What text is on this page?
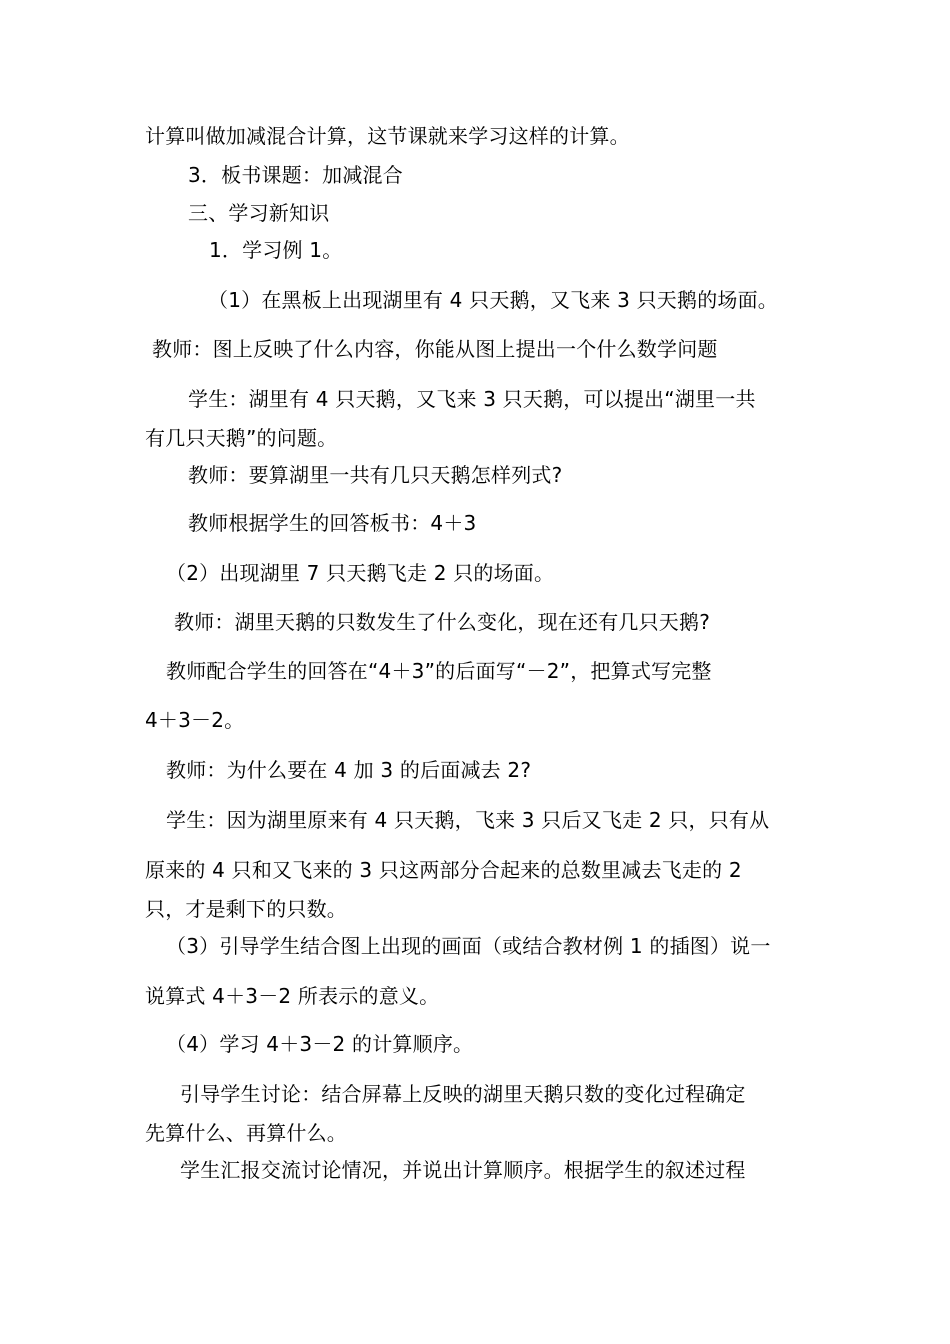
计算叫做加减混合计算，这节课就来学习这样的计算。
3．板书课题：加减混合
三、学习新知识
1．学习例 1。
（1）在黑板上出现湖里有 4 只天鹅，又飞来 3 只天鹅的场面。
教师：图上反映了什么内容，你能从图上提出一个什么数学问题
学生：湖里有 4 只天鹅，又飞来 3 只天鹅，可以提出“湖里一共
有几只天鹅”的问题。
教师：要算湖里一共有几只天鹅怎样列式?
教师根据学生的回答板书：4＋3
（2）出现湖里 7 只天鹅飞走 2 只的场面。
教师：湖里天鹅的只数发生了什么变化，现在还有几只天鹅?
教师配合学生的回答在“4＋3”的后面写“－2”，把算式写完整
4＋3－2。
教师：为什么要在 4 加 3 的后面减去 2?
学生：因为湖里原来有 4 只天鹅，飞来 3 只后又飞走 2 只，只有从
原来的 4 只和又飞来的 3 只这两部分合起来的总数里减去飞走的 2
只，才是剩下的只数。
（3）引导学生结合图上出现的画面（或结合教材例 1 的插图）说一
说算式 4＋3－2 所表示的意义。
（4）学习 4＋3－2 的计算顺序。
引导学生讨论：结合屏幕上反映的湖里天鹅只数的变化过程确定
先算什么、再算什么。
学生汇报交流讨论情况，并说出计算顺序。根据学生的叙述过程
